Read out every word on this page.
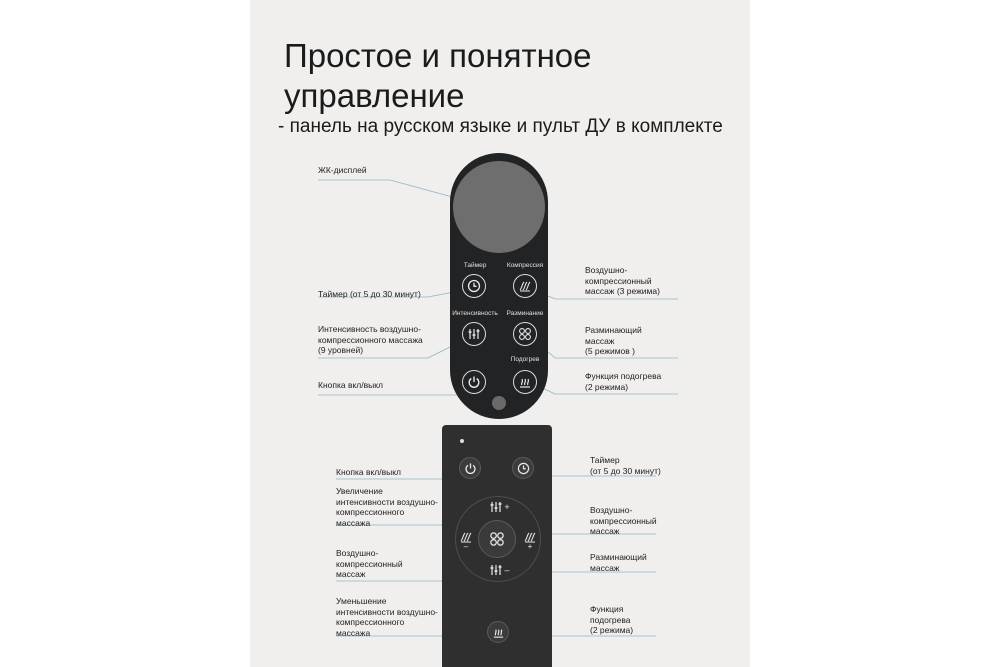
Простое и понятное
управление
- панель на русском языке и пульт ДУ в комплекте
Таймер	Компрессия
Интенсивность	Разминание
Подогрев
ЖК-дисплей
Таймер (от 5 до 30 минут)
Интенсивность воздушно-
компрессионного массажа
(9 уровней)
Кнопка вкл/выкл
Воздушно-
компрессионный
массаж (3 режима)
Разминающий
массаж
(5 режимов )
Функция подогрева
(2 режима)
+
–
–	+
Кнопка вкл/выкл
Увеличение
интенсивности воздушно-
компрессионного
массажа
Воздушно-
компрессионный
массаж
Уменьшение
интенсивности воздушно-
компрессионного
массажа
Таймер
(от 5 до 30 минут)
Воздушно-
компрессионный
массаж
Разминающий
массаж
Функция
подогрева
(2 режима)
